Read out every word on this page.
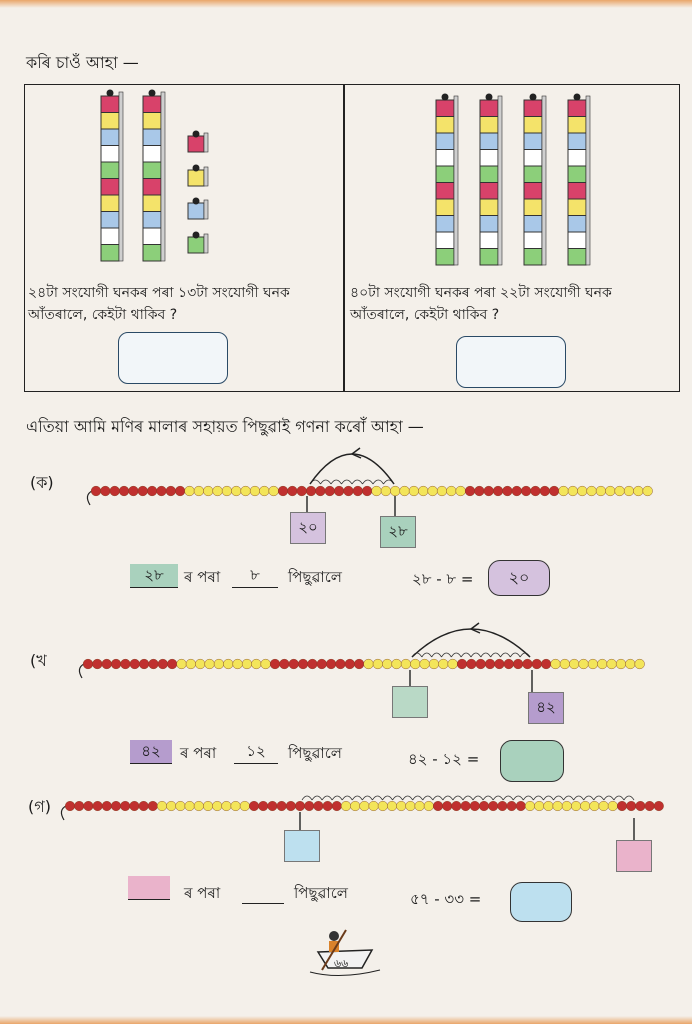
কৰি চাওঁ আহা —
২৪টা সংযোগী ঘনকৰ পৰা ১৩টা সংযোগী ঘনক
আঁতৰালে, কেইটা থাকিব ?
৪০টা সংযোগী ঘনকৰ পৰা ২২টা সংযোগী ঘনক
আঁতৰালে, কেইটা থাকিব ?
এতিয়া আমি মণিৰ মালাৰ সহায়ত পিছুৱাই গণনা কৰোঁ আহা —
(ক)
২০	২৮
২৮	ৰ পৰা	৮	পিছুৱালে	২৮ - ৮ =	২০
(খ
৪২
৪২	ৰ পৰা	১২	পিছুৱালে	৪২ - ১২ =
(গ)
ৰ পৰা	পিছুৱালে	৫৭ - ৩৩ =
৬৬
